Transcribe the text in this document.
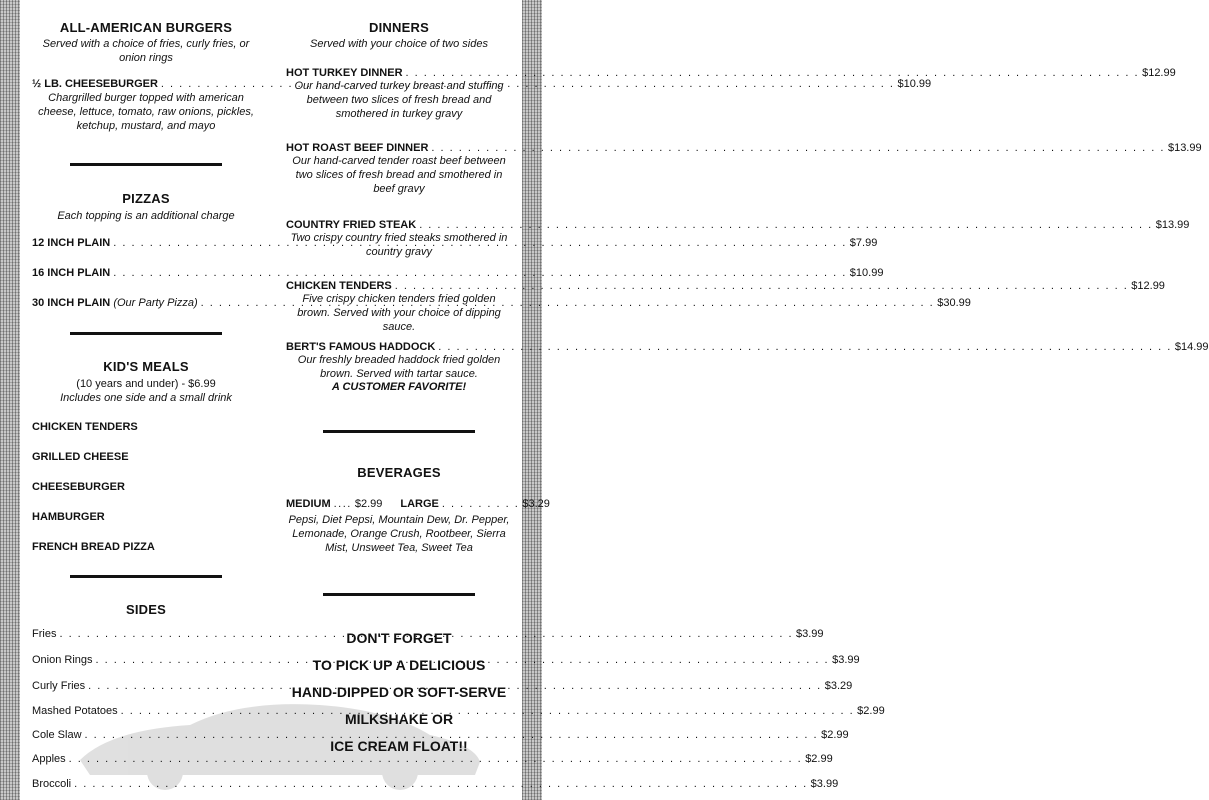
ALL-AMERICAN BURGERS
Served with a choice of fries, curly fries, or onion rings
½ LB. CHEESEBURGER . . .	$10.99
Chargrilled burger topped with american cheese, lettuce, tomato, raw onions, pickles, ketchup, mustard, and mayo
PIZZAS
Each topping is an additional charge
12 INCH PLAIN . . .	$7.99
16 INCH PLAIN . . .	$10.99
30 INCH PLAIN (Our Party Pizza) . . .	$30.99
KID'S MEALS
(10 years and under) - $6.99
Includes one side and a small drink
CHICKEN TENDERS
GRILLED CHEESE
CHEESEBURGER
HAMBURGER
FRENCH BREAD PIZZA
SIDES
Fries . . .	$3.99
Onion Rings . . .	$3.99
Curly Fries . . .	$3.29
Mashed Potatoes . . .	$2.99
Cole Slaw . . .	$2.99
Apples . . .	$2.99
Broccoli . . .	$3.99
DINNERS
Served with your choice of two sides
HOT TURKEY DINNER . . .	$12.99
Our hand-carved turkey breast and stuffing between two slices of fresh bread and smothered in turkey gravy
HOT ROAST BEEF DINNER . . .	$13.99
Our hand-carved tender roast beef between two slices of fresh bread and smothered in beef gravy
COUNTRY FRIED STEAK . . .	$13.99
Two crispy country fried steaks smothered in country gravy
CHICKEN TENDERS . . .	$12.99
Five crispy chicken tenders fried golden brown. Served with your choice of dipping sauce.
BERT'S FAMOUS HADDOCK . . .	$14.99
Our freshly breaded haddock fried golden brown. Served with tartar sauce.
A CUSTOMER FAVORITE!
BEVERAGES
MEDIUM .... $2.99 LARGE . . . . . . . . . $3.29
Pepsi, Diet Pepsi, Mountain Dew, Dr. Pepper, Lemonade, Orange Crush, Rootbeer, Sierra Mist, Unsweet Tea, Sweet Tea
DON'T FORGET
TO PICK UP A DELICIOUS
HAND-DIPPED OR SOFT-SERVE
MILKSHAKE OR
ICE CREAM FLOAT!!
